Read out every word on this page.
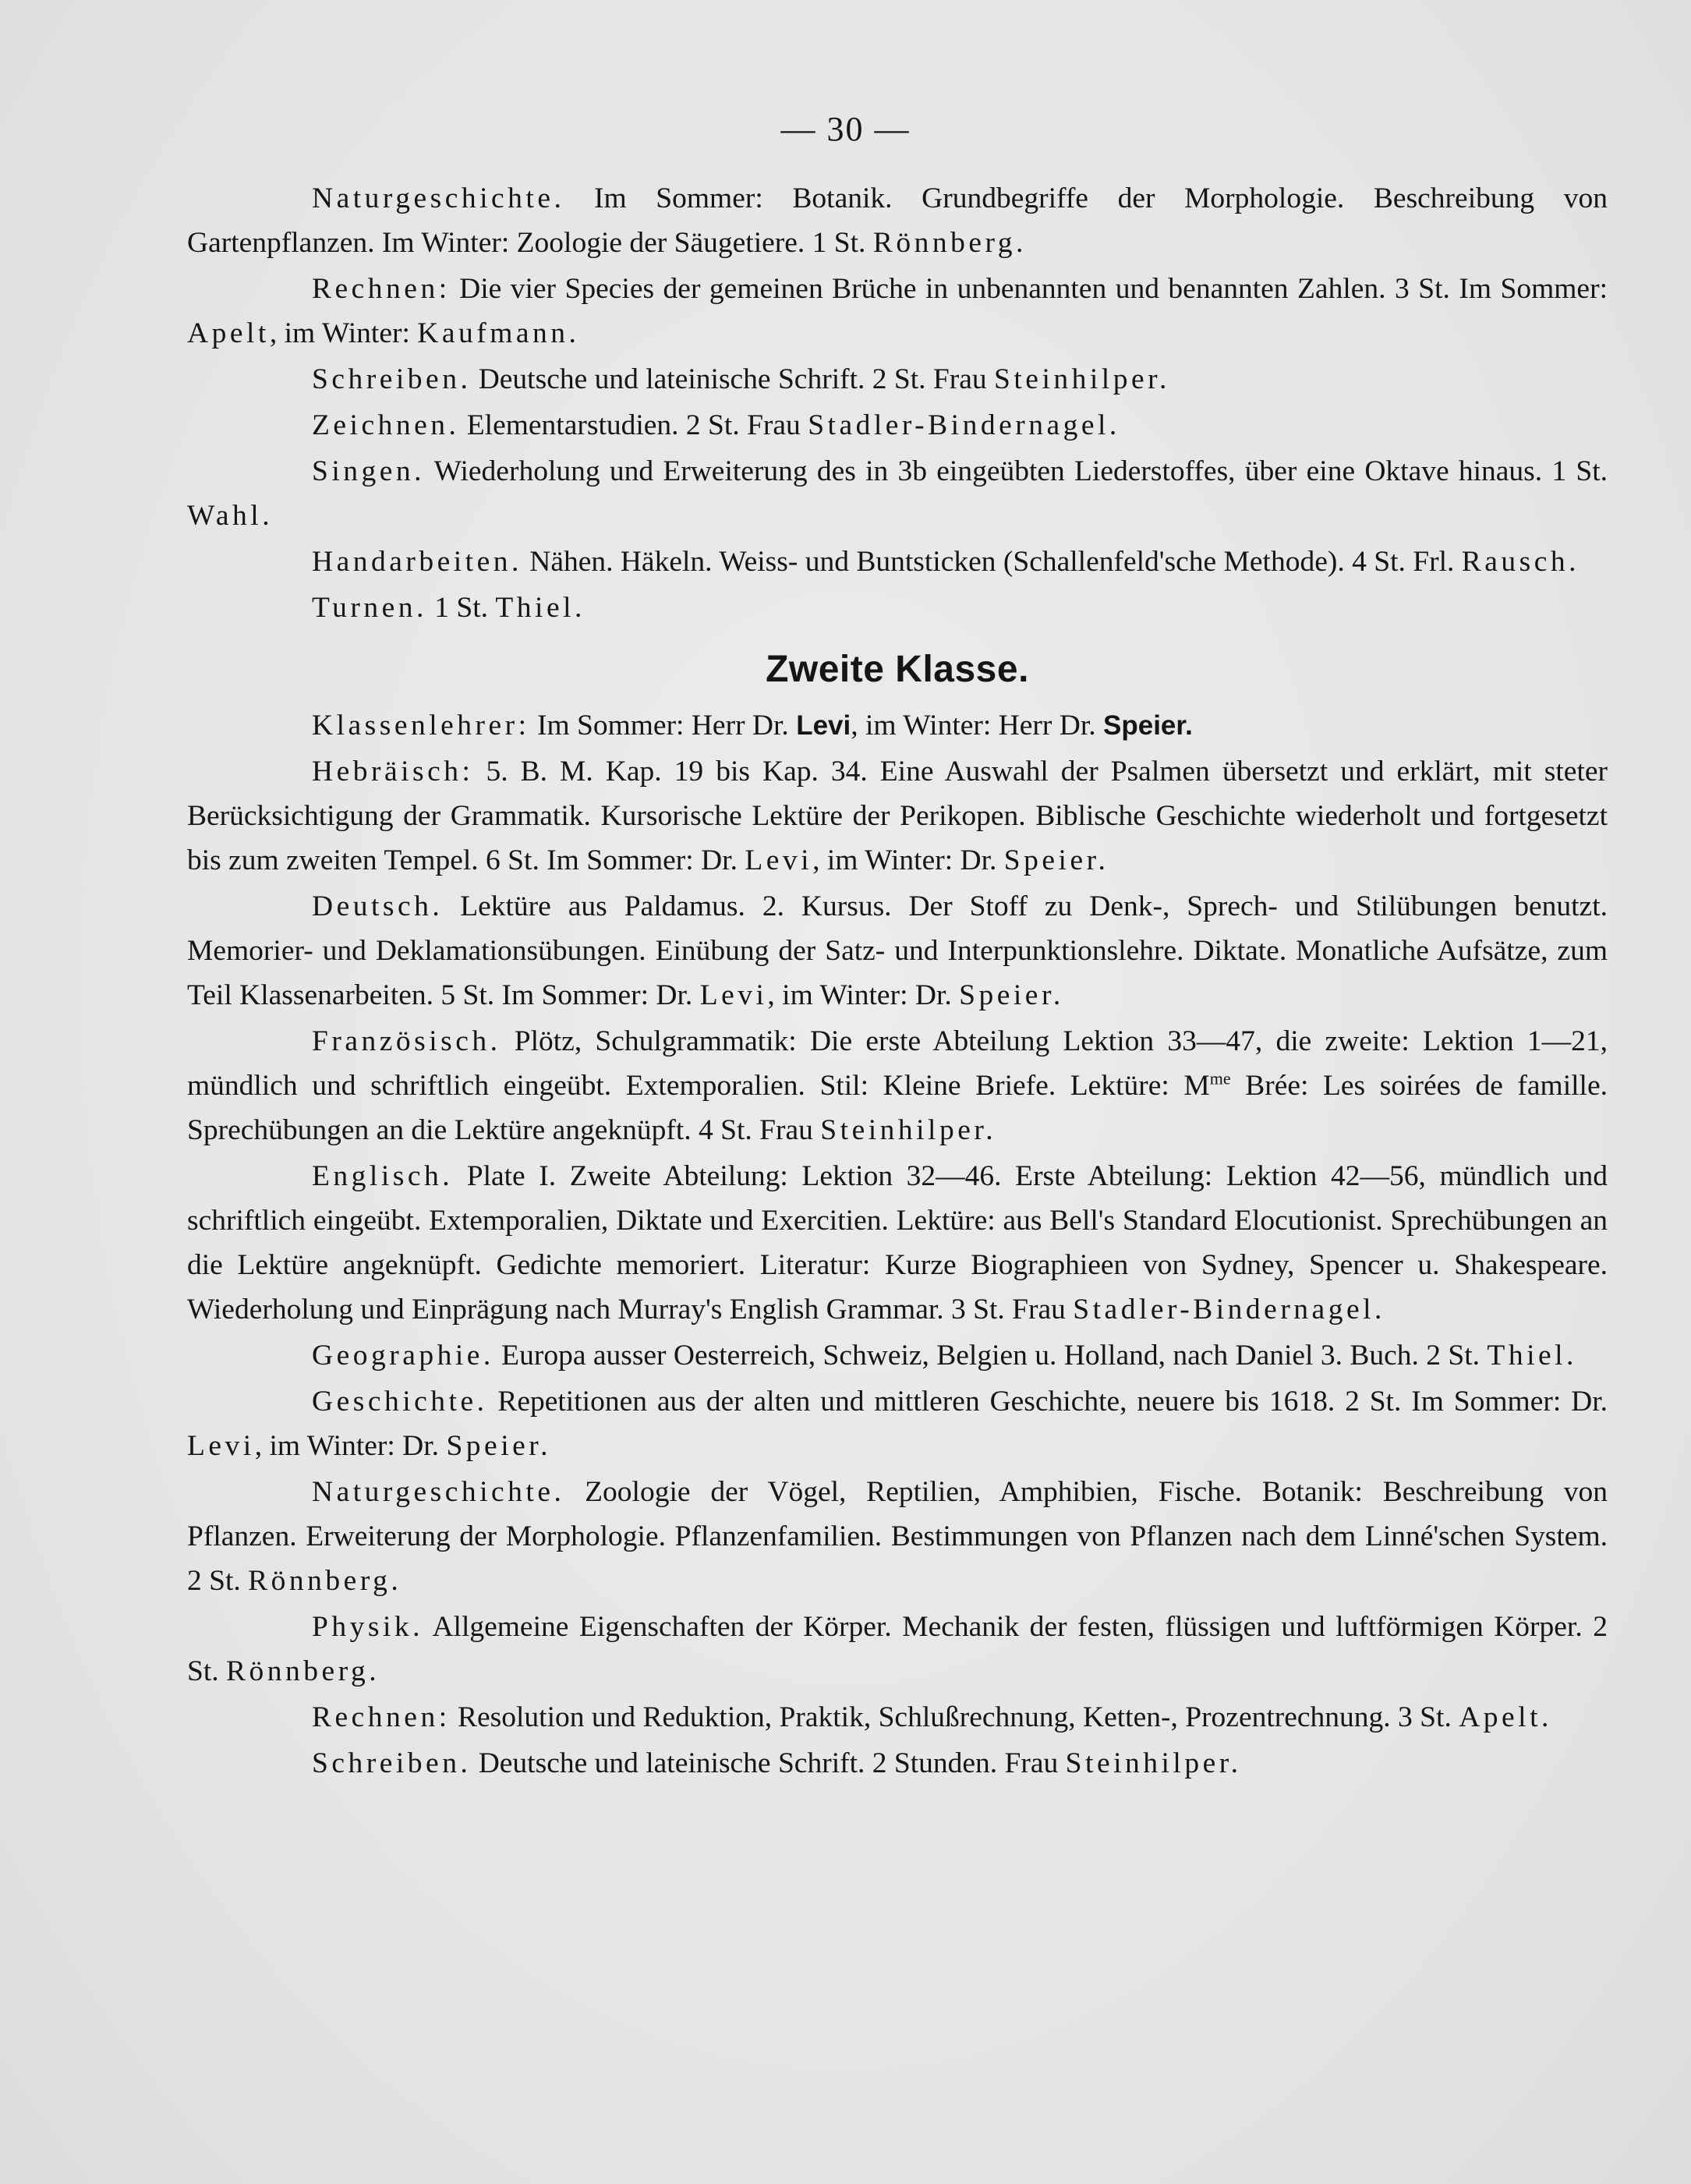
— 30 —

Naturgeschichte. Im Sommer: Botanik. Grundbegriffe der Morphologie. Beschreibung von Gartenpflanzen. Im Winter: Zoologie der Säugetiere. 1 St. Rönnberg.

Rechnen: Die vier Species der gemeinen Brüche in unbenannten und benannten Zahlen. 3 St. Im Sommer: Apelt, im Winter: Kaufmann.

Schreiben. Deutsche und lateinische Schrift. 2 St. Frau Steinhilper.

Zeichnen. Elementarstudien. 2 St. Frau Stadler-Bindernagel.

Singen. Wiederholung und Erweiterung des in 3b eingeübten Liederstoffes, über eine Oktave hinaus. 1 St. Wahl.

Handarbeiten. Nähen. Häkeln. Weiss- und Buntsticken (Schallenfeld'sche Methode). 4 St. Frl. Rausch.

Turnen. 1 St. Thiel.

Zweite Klasse.

Klassenlehrer: Im Sommer: Herr Dr. Levi, im Winter: Herr Dr. Speier.

Hebräisch: 5. B. M. Kap. 19 bis Kap. 34. Eine Auswahl der Psalmen übersetzt und erklärt, mit steter Berücksichtigung der Grammatik. Kursorische Lektüre der Perikopen. Biblische Geschichte wiederholt und fortgesetzt bis zum zweiten Tempel. 6 St. Im Sommer: Dr. Levi, im Winter: Dr. Speier.

Deutsch. Lektüre aus Paldamus. 2. Kursus. Der Stoff zu Denk-, Sprech- und Stilübungen benutzt. Memorier- und Deklamationsübungen. Einübung der Satz- und Interpunktionslehre. Diktate. Monatliche Aufsätze, zum Teil Klassenarbeiten. 5 St. Im Sommer: Dr. Levi, im Winter: Dr. Speier.

Französisch. Plötz, Schulgrammatik: Die erste Abteilung Lektion 33—47, die zweite: Lektion 1—21, mündlich und schriftlich eingeübt. Extemporalien. Stil: Kleine Briefe. Lektüre: $M^{me}$ Brée: Les soirées de famille. Sprechübungen an die Lektüre angeknüpft. 4 St. Frau Steinhilper.

Englisch. Plate I. Zweite Abteilung: Lektion 32—46. Erste Abteilung: Lektion 42—56, mündlich und schriftlich eingeübt. Extemporalien, Diktate und Exercitien. Lektüre: aus Bell's Standard Elocutionist. Sprechübungen an die Lektüre angeknüpft. Gedichte memoriert. Literatur: Kurze Biographieen von Sydney, Spencer u. Shakespeare. Wiederholung und Einprägung nach Murray's English Grammar. 3 St. Frau Stadler-Bindernagel.

Geographie. Europa ausser Oesterreich, Schweiz, Belgien u. Holland, nach Daniel 3. Buch. 2 St. Thiel.

Geschichte. Repetitionen aus der alten und mittleren Geschichte, neuere bis 1618. 2 St. Im Sommer: Dr. Levi, im Winter: Dr. Speier.

Naturgeschichte. Zoologie der Vögel, Reptilien, Amphibien, Fische. Botanik: Beschreibung von Pflanzen. Erweiterung der Morphologie. Pflanzenfamilien. Bestimmungen von Pflanzen nach dem Linné'schen System. 2 St. Rönnberg.

Physik. Allgemeine Eigenschaften der Körper. Mechanik der festen, flüssigen und luftförmigen Körper. 2 St. Rönnberg.

Rechnen: Resolution und Reduktion, Praktik, Schlußrechnung, Ketten-, Prozentrechnung. 3 St. Apelt.

Schreiben. Deutsche und lateinische Schrift. 2 Stunden. Frau Steinhilper.
